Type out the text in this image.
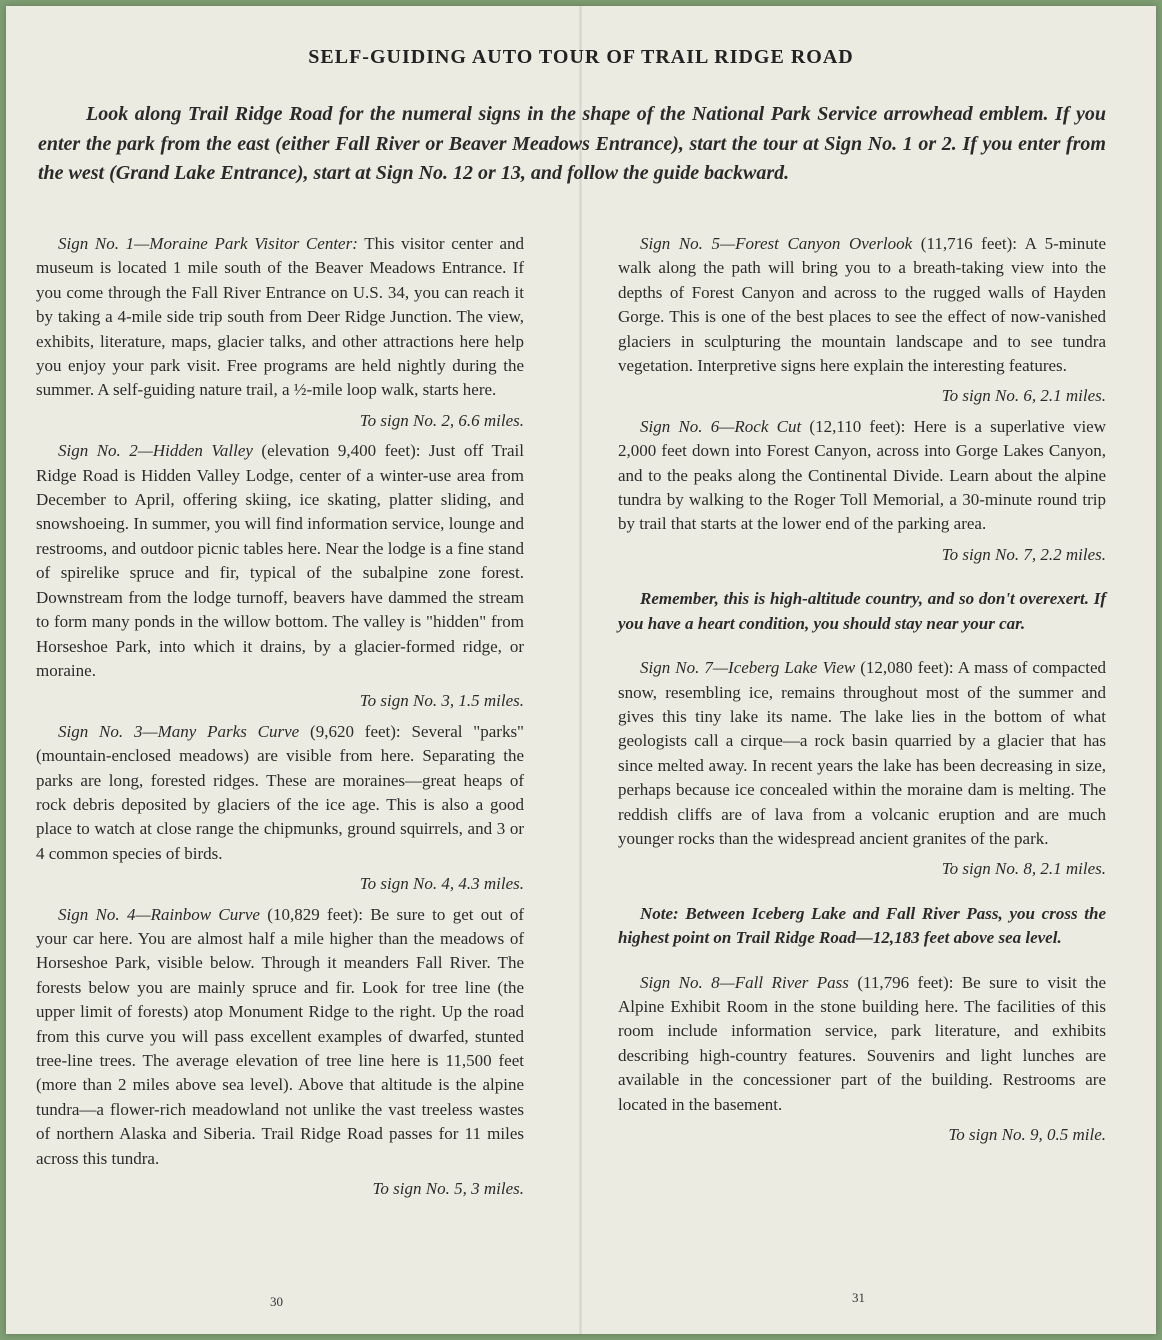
SELF-GUIDING AUTO TOUR OF TRAIL RIDGE ROAD

Look along Trail Ridge Road for the numeral signs in the shape of the National Park Service arrowhead emblem. If you enter the park from the east (either Fall River or Beaver Meadows Entrance), start the tour at Sign No. 1 or 2. If you enter from the west (Grand Lake Entrance), start at Sign No. 12 or 13, and follow the guide backward.

Sign No. 1—Moraine Park Visitor Center: This visitor center and museum is located 1 mile south of the Beaver Meadows Entrance. If you come through the Fall River Entrance on U.S. 34, you can reach it by taking a 4-mile side trip south from Deer Ridge Junction. The view, exhibits, literature, maps, glacier talks, and other attractions here help you enjoy your park visit. Free programs are held nightly during the summer. A self-guiding nature trail, a ½-mile loop walk, starts here.

To sign No. 2, 6.6 miles.

Sign No. 2—Hidden Valley (elevation 9,400 feet): Just off Trail Ridge Road is Hidden Valley Lodge, center of a winter-use area from December to April, offering skiing, ice skating, platter sliding, and snowshoeing. In summer, you will find information service, lounge and restrooms, and outdoor picnic tables here. Near the lodge is a fine stand of spirelike spruce and fir, typical of the subalpine zone forest. Downstream from the lodge turnoff, beavers have dammed the stream to form many ponds in the willow bottom. The valley is "hidden" from Horseshoe Park, into which it drains, by a glacier-formed ridge, or moraine.

To sign No. 3, 1.5 miles.

Sign No. 3—Many Parks Curve (9,620 feet): Several "parks" (mountain-enclosed meadows) are visible from here. Separating the parks are long, forested ridges. These are moraines—great heaps of rock debris deposited by glaciers of the ice age. This is also a good place to watch at close range the chipmunks, ground squirrels, and 3 or 4 common species of birds.

To sign No. 4, 4.3 miles.

Sign No. 4—Rainbow Curve (10,829 feet): Be sure to get out of your car here. You are almost half a mile higher than the meadows of Horseshoe Park, visible below. Through it meanders Fall River. The forests below you are mainly spruce and fir. Look for tree line (the upper limit of forests) atop Monument Ridge to the right. Up the road from this curve you will pass excellent examples of dwarfed, stunted tree-line trees. The average elevation of tree line here is 11,500 feet (more than 2 miles above sea level). Above that altitude is the alpine tundra—a flower-rich meadowland not unlike the vast treeless wastes of northern Alaska and Siberia. Trail Ridge Road passes for 11 miles across this tundra.

To sign No. 5, 3 miles.

Sign No. 5—Forest Canyon Overlook (11,716 feet): A 5-minute walk along the path will bring you to a breath-taking view into the depths of Forest Canyon and across to the rugged walls of Hayden Gorge. This is one of the best places to see the effect of now-vanished glaciers in sculpturing the mountain landscape and to see tundra vegetation. Interpretive signs here explain the interesting features.

To sign No. 6, 2.1 miles.

Sign No. 6—Rock Cut (12,110 feet): Here is a superlative view 2,000 feet down into Forest Canyon, across into Gorge Lakes Canyon, and to the peaks along the Continental Divide. Learn about the alpine tundra by walking to the Roger Toll Memorial, a 30-minute round trip by trail that starts at the lower end of the parking area.

To sign No. 7, 2.2 miles.

Remember, this is high-altitude country, and so don't overexert. If you have a heart condition, you should stay near your car.

Sign No. 7—Iceberg Lake View (12,080 feet): A mass of compacted snow, resembling ice, remains throughout most of the summer and gives this tiny lake its name. The lake lies in the bottom of what geologists call a cirque—a rock basin quarried by a glacier that has since melted away. In recent years the lake has been decreasing in size, perhaps because ice concealed within the moraine dam is melting. The reddish cliffs are of lava from a volcanic eruption and are much younger rocks than the widespread ancient granites of the park.

To sign No. 8, 2.1 miles.

Note: Between Iceberg Lake and Fall River Pass, you cross the highest point on Trail Ridge Road—12,183 feet above sea level.

Sign No. 8—Fall River Pass (11,796 feet): Be sure to visit the Alpine Exhibit Room in the stone building here. The facilities of this room include information service, park literature, and exhibits describing high-country features. Souvenirs and light lunches are available in the concessioner part of the building. Restrooms are located in the basement.

To sign No. 9, 0.5 mile.

30	31
